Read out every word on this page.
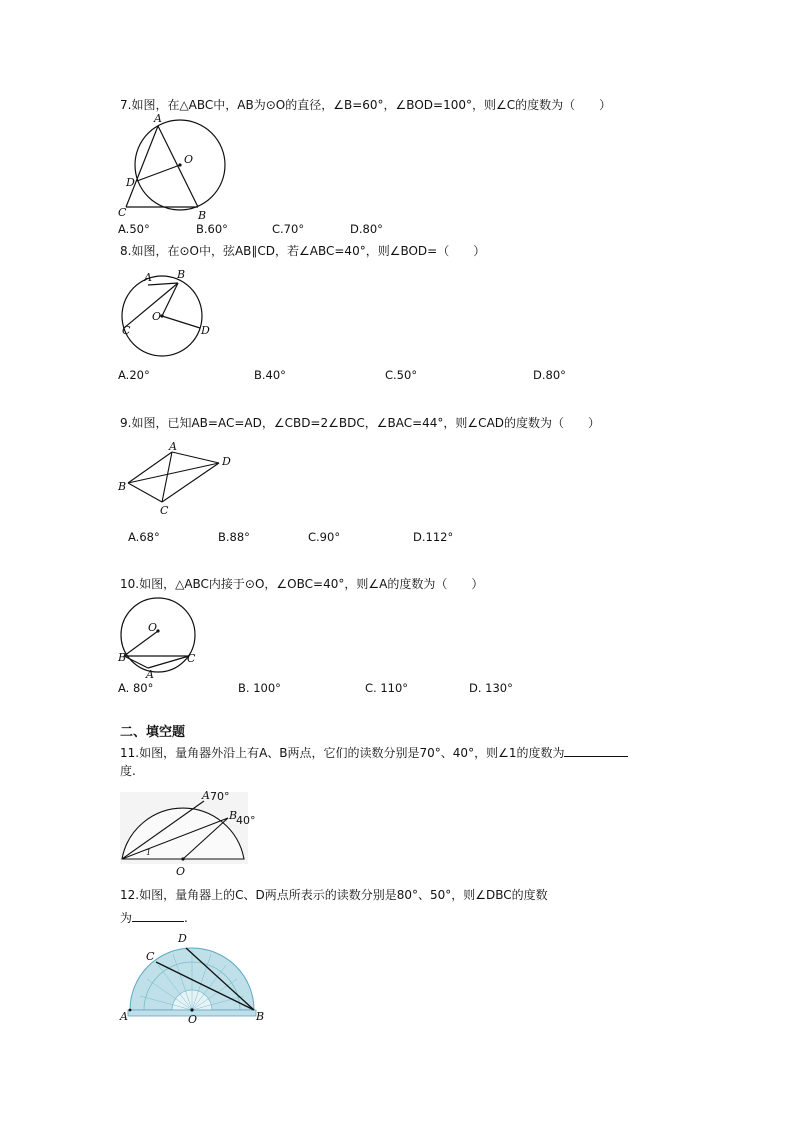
7.如图，在△ABC中，AB为⊙O的直径，∠B=60°，∠BOD=100°，则∠C的度数为（　　）
A
B
C
D
O
A.50°	B.60°	C.70°	D.80°
8.如图，在⊙O中，弦AB∥CD，若∠ABC=40°，则∠BOD=（　　）
A B
C	D
O
A.20°	B.40°	C.50°	D.80°
9.如图，已知AB=AC=AD，∠CBD=2∠BDC，∠BAC=44°，则∠CAD的度数为（　　）
A
B
C
D
A.68°	B.88°	C.90°	D.112°
10.如图，△ABC内接于⊙O，∠OBC=40°，则∠A的度数为（　　）
O
B	C
A
A. 80°	B. 100°	C. 110°	D. 130°
二、填空题
11.如图，量角器外沿上有A、B两点，它们的读数分别是70°、40°，则∠1的度数为
度.
A 70°
B
40°
1
O
12.如图，量角器上的C、D两点所表示的读数分别是80°、50°，则∠DBC的度数
为	.
C
D
A	O	B
